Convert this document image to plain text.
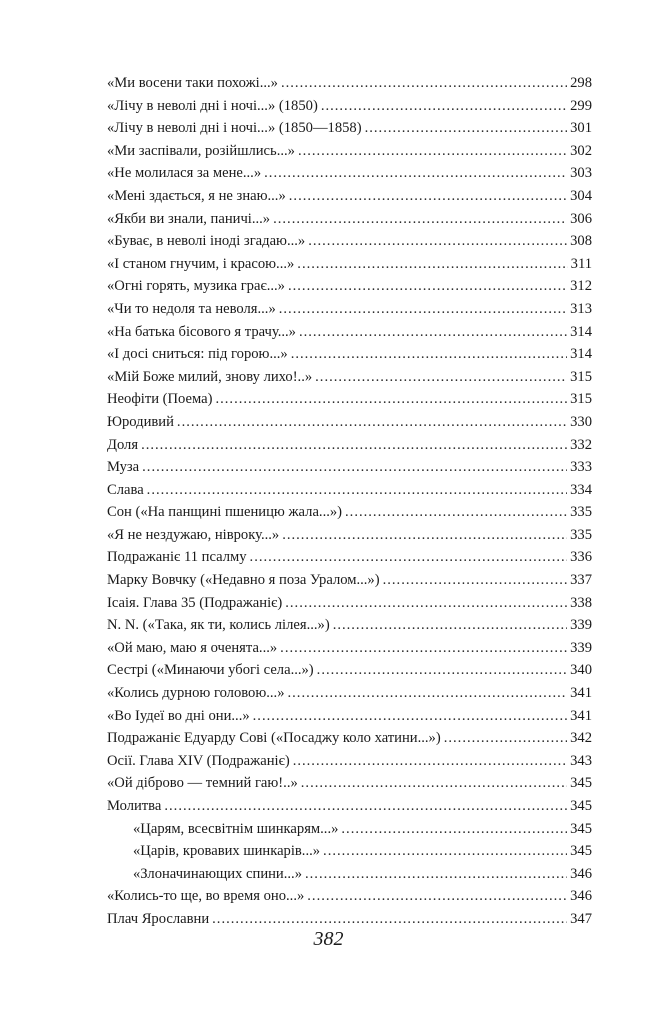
«Ми восени таки похожі...» .....	298
«Лічу в неволі дні і ночі...» (1850) .....	299
«Лічу в неволі дні і ночі...» (1850—1858) .....	301
«Ми заспівали, розійшлись...» .....	302
«Не молилася за мене...» .....	303
«Мені здається, я не знаю...» .....	304
«Якби ви знали, паничі...» .....	306
«Буває, в неволі іноді згадаю...» .....	308
«І станом гнучим, і красою...» .....	311
«Огні горять, музика грає...» .....	312
«Чи то недоля та неволя...» .....	313
«На батька бісового я трачу...» .....	314
«І досі сниться: під горою...» .....	314
«Мій Боже милий, знову лихо!..» .....	315
Неофіти (Поема) .....	315
Юродивий .....	330
Доля .....	332
Муза .....	333
Слава .....	334
Сон («На панщині пшеницю жала...») .....	335
«Я не нездужаю, нівроку...» .....	335
Подражаніє 11 псалму .....	336
Марку Вовчку («Недавно я поза Уралом...») .....	337
Ісаія. Глава 35 (Подражаніє) .....	338
N. N. («Така, як ти, колись лілея...») .....	339
«Ой маю, маю я оченята...» .....	339
Сестрі («Минаючи убогі села...») .....	340
«Колись дурною головою...» .....	341
«Во Іудеї во дні они...» .....	341
Подражаніє Едуарду Сові («Посаджу коло хатини...») .....	342
Осії. Глава XIV (Подражаніє) .....	343
«Ой діброво — темний гаю!..» .....	345
Молитва .....	345
«Царям, всесвітнім шинкарям...» .....	345
«Царів, кровавих шинкарів...» .....	345
«Злоначинающих спини...» .....	346
«Колись-то ще, во время оно...» .....	346
Плач Ярославни .....	347
382
